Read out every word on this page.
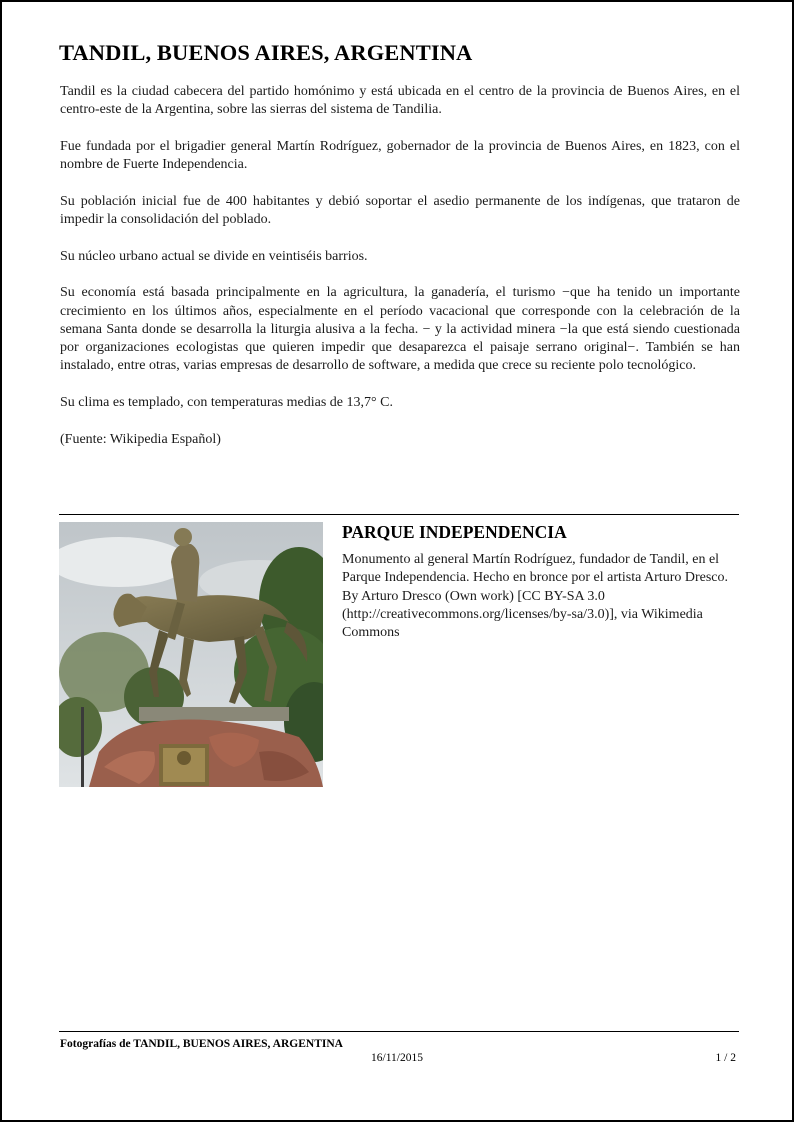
TANDIL, BUENOS AIRES, ARGENTINA

Tandil es la ciudad cabecera del partido homónimo y está ubicada en el centro de la provincia de Buenos Aires, en el centro-este de la Argentina, sobre las sierras del sistema de Tandilia.

Fue fundada por el brigadier general Martín Rodríguez, gobernador de la provincia de Buenos Aires, en 1823, con el nombre de Fuerte Independencia.

Su población inicial fue de 400 habitantes y debió soportar el asedio permanente de los indígenas, que trataron de impedir la consolidación del poblado.

Su núcleo urbano actual se divide en veintiséis barrios.

Su economía está basada principalmente en la agricultura, la ganadería, el turismo −que ha tenido un importante crecimiento en los últimos años, especialmente en el período vacacional que corresponde con la celebración de la semana Santa donde se desarrolla la liturgia alusiva a la fecha. − y la actividad minera −la que está siendo cuestionada por organizaciones ecologistas que quieren impedir que desaparezca el paisaje serrano original−. También se han instalado, entre otras, varias empresas de desarrollo de software, a medida que crece su reciente polo tecnológico.

Su clima es templado, con temperaturas medias de 13,7° C.

(Fuente: Wikipedia Español)

PARQUE INDEPENDENCIA
Monumento al general Martín Rodríguez, fundador de Tandil, en el Parque Independencia. Hecho en bronce por el artista Arturo Dresco.
By Arturo Dresco (Own work) [CC BY-SA 3.0 (http://creativecommons.org/licenses/by-sa/3.0)], via Wikimedia Commons
Fotografías de TANDIL, BUENOS AIRES, ARGENTINA
16/11/2015	1 / 2
